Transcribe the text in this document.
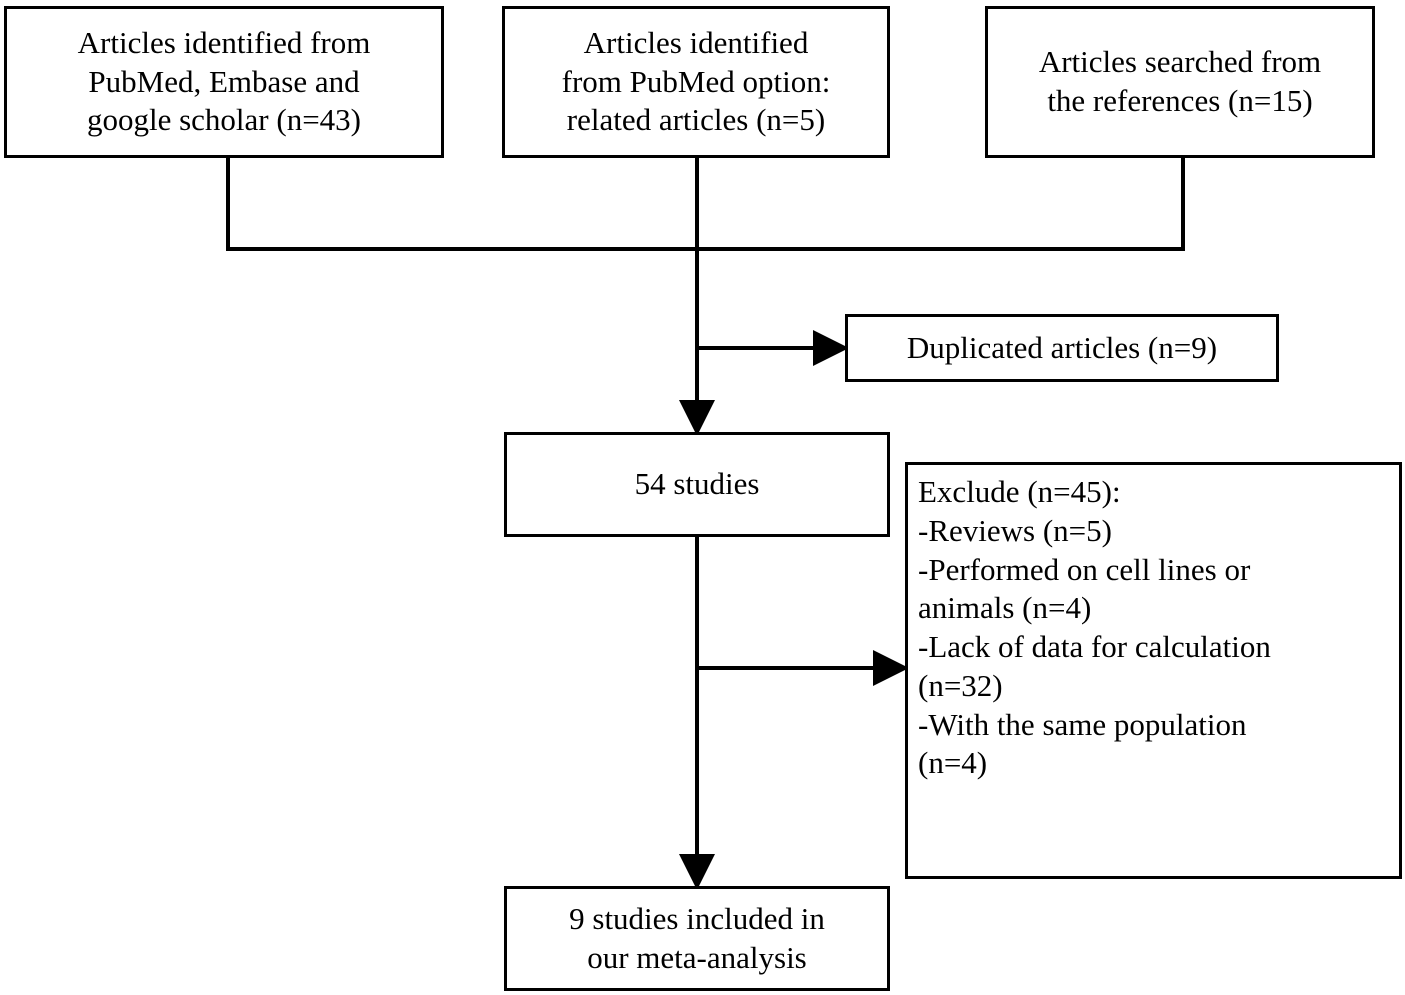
Articles identified from
PubMed, Embase and
google scholar (n=43)
Articles identified
from PubMed option:
related articles (n=5)
Articles searched from
the references (n=15)
Duplicated articles (n=9)
54 studies	Exclude (n=45):
-Reviews (n=5)
-Performed on cell lines or
animals (n=4)
-Lack of data for calculation
(n=32)
-With the same population
(n=4)
9 studies included in
our meta-analysis
